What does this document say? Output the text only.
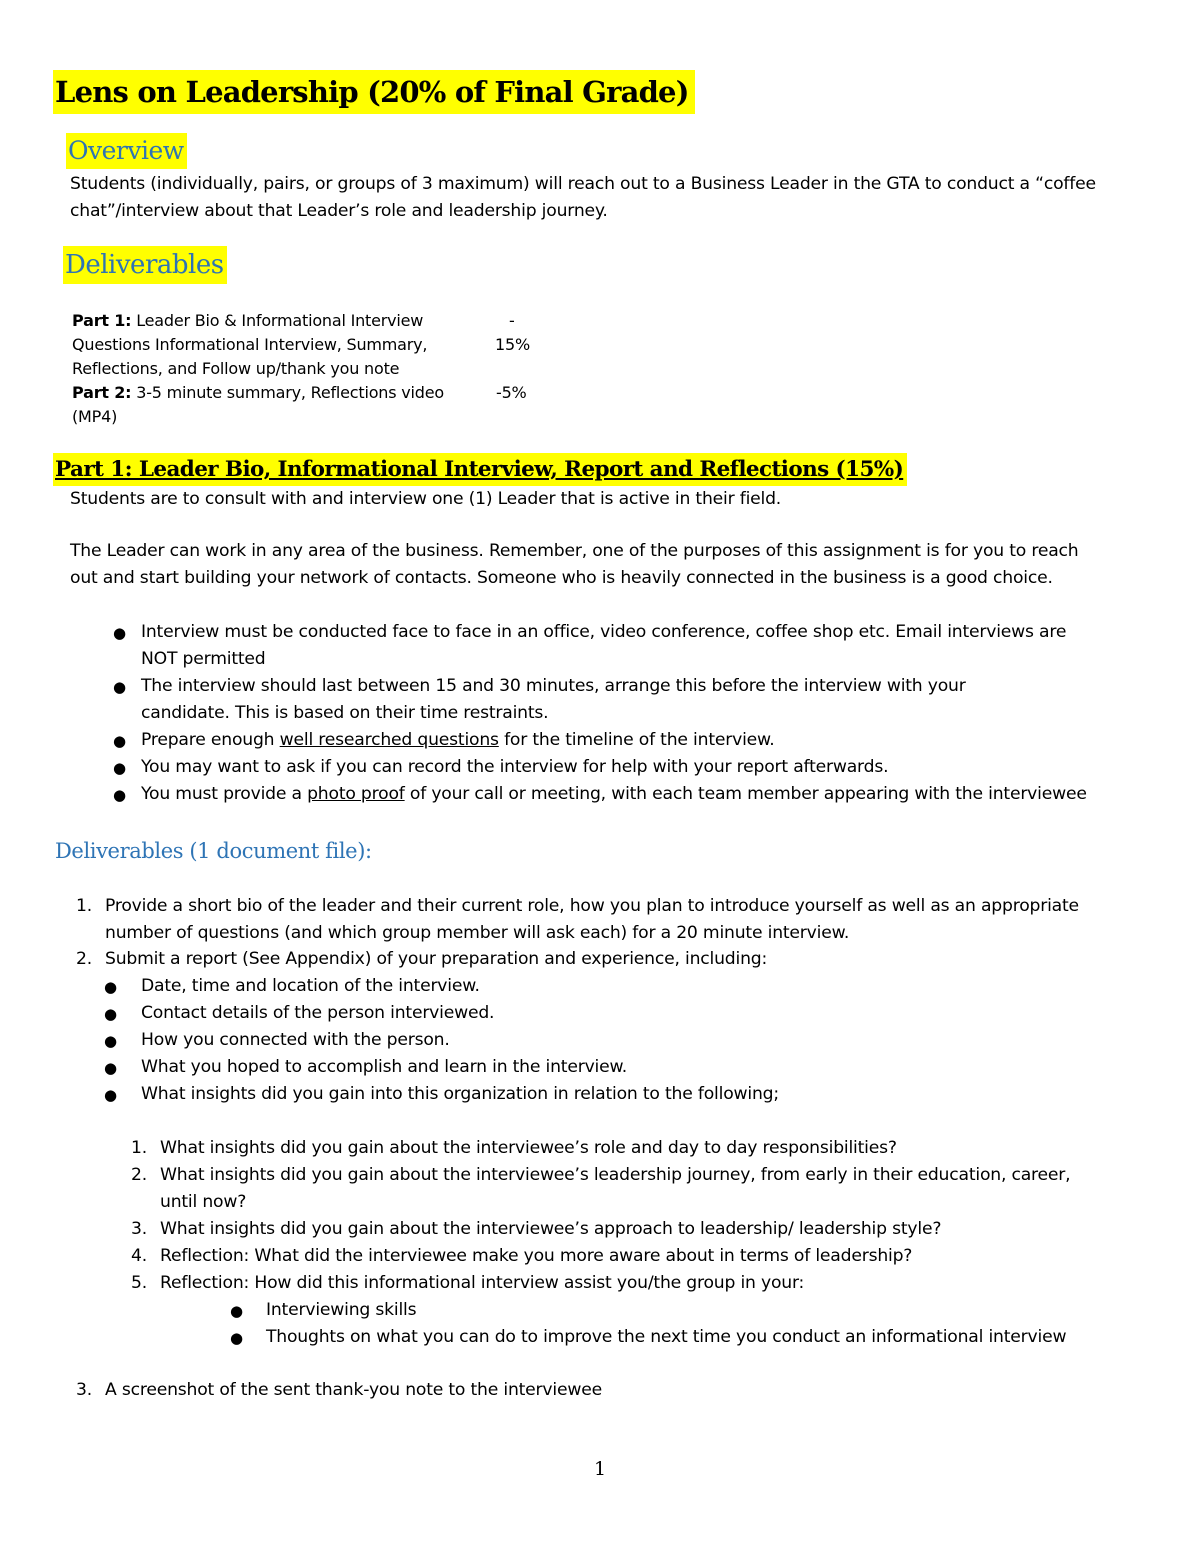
Lens on Leadership (20% of Final Grade)
Overview
Students (individually, pairs, or groups of 3 maximum) will reach out to a Business Leader in the GTA to conduct a “coffee
chat”/interview about that Leader’s role and leadership journey.
Deliverables
Part 1: Leader Bio & Informational Interview	-
Questions Informational Interview, Summary,	15%
Reflections, and Follow up/thank you note
Part 2: 3-5 minute summary, Reflections video	-5%
(MP4)
Part 1: Leader Bio, Informational Interview, Report and Reflections (15%)
Students are to consult with and interview one (1) Leader that is active in their field.
The Leader can work in any area of the business. Remember, one of the purposes of this assignment is for you to reach
out and start building your network of contacts. Someone who is heavily connected in the business is a good choice.
● Interview must be conducted face to face in an office, video conference, coffee shop etc. Email interviews are
NOT permitted
● The interview should last between 15 and 30 minutes, arrange this before the interview with your
candidate. This is based on their time restraints.
● Prepare enough well researched questions for the timeline of the interview.
● You may want to ask if you can record the interview for help with your report afterwards.
● You must provide a photo proof of your call or meeting, with each team member appearing with the interviewee
Deliverables (1 document file):
1. Provide a short bio of the leader and their current role, how you plan to introduce yourself as well as an appropriate
number of questions (and which group member will ask each) for a 20 minute interview.
2. Submit a report (See Appendix) of your preparation and experience, including:
● Date, time and location of the interview.
● Contact details of the person interviewed.
● How you connected with the person.
● What you hoped to accomplish and learn in the interview.
● What insights did you gain into this organization in relation to the following;
1. What insights did you gain about the interviewee’s role and day to day responsibilities?
2. What insights did you gain about the interviewee’s leadership journey, from early in their education, career,
until now?
3. What insights did you gain about the interviewee’s approach to leadership/ leadership style?
4. Reflection: What did the interviewee make you more aware about in terms of leadership?
5. Reflection: How did this informational interview assist you/the group in your:
● Interviewing skills
● Thoughts on what you can do to improve the next time you conduct an informational interview
3. A screenshot of the sent thank-you note to the interviewee
1
